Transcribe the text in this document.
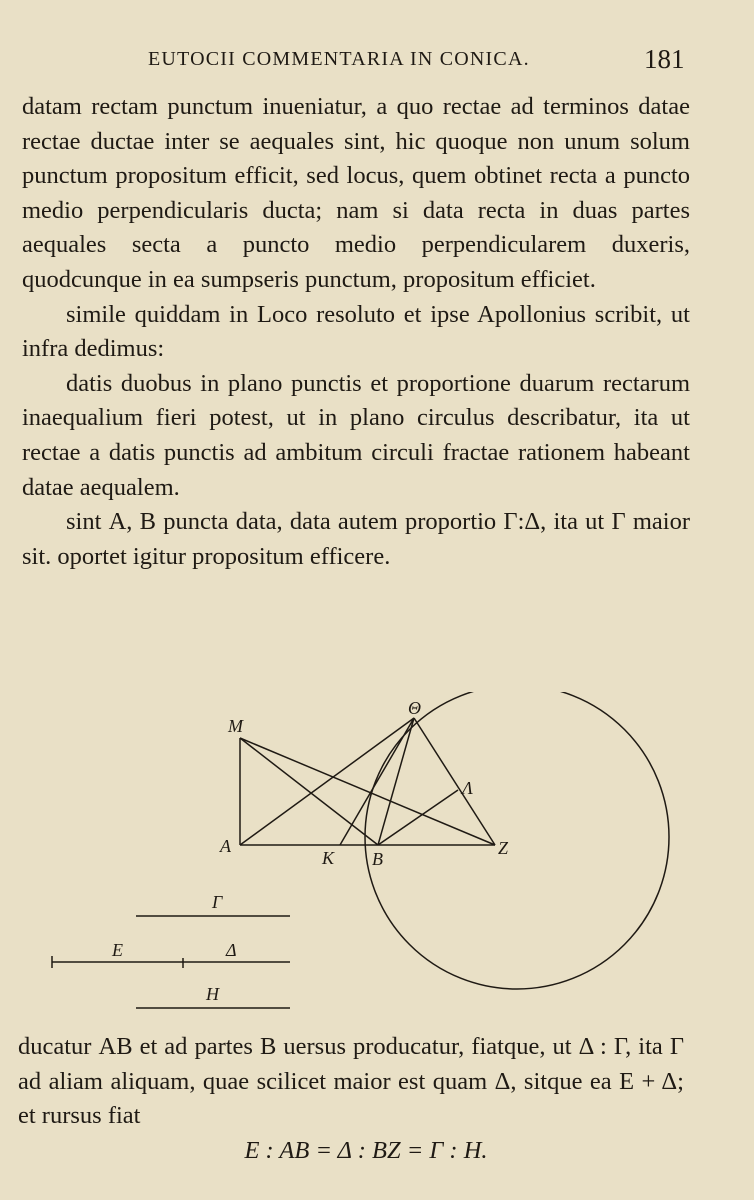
EUTOCII COMMENTARIA IN CONICA.	181

datam rectam punctum inueniatur, a quo rectae ad terminos datae rectae ductae inter se aequales sint, hic quoque non unum solum punctum propositum efficit, sed locus, quem obtinet recta a puncto medio perpendicularis ducta; nam si data recta in duas partes aequales secta a puncto medio perpendicularem duxeris, quodcunque in ea sumpseris punctum, propositum efficiet.

simile quiddam in Loco resoluto et ipse Apollonius scribit, ut infra dedimus:

datis duobus in plano punctis et proportione duarum rectarum inaequalium fieri potest, ut in plano circulus describatur, ita ut rectae a datis punctis ad ambitum circuli fractae rationem habeant datae aequalem.

sint Α, Β puncta data, data autem proportio Γ:Δ, ita ut Γ maior sit. oportet igitur propositum efficere.

Μ
Θ
Λ
Α
Κ Β
Ζ
Γ
Ε	Δ
Η

ducatur ΑΒ et ad partes Β uersus producatur, fiatque, ut Δ : Γ, ita Γ ad aliam aliquam, quae scilicet maior est quam Δ, sitque ea Ε + Δ; et rursus fiat

Ε : ΑΒ = Δ : ΒΖ = Γ : Η.
